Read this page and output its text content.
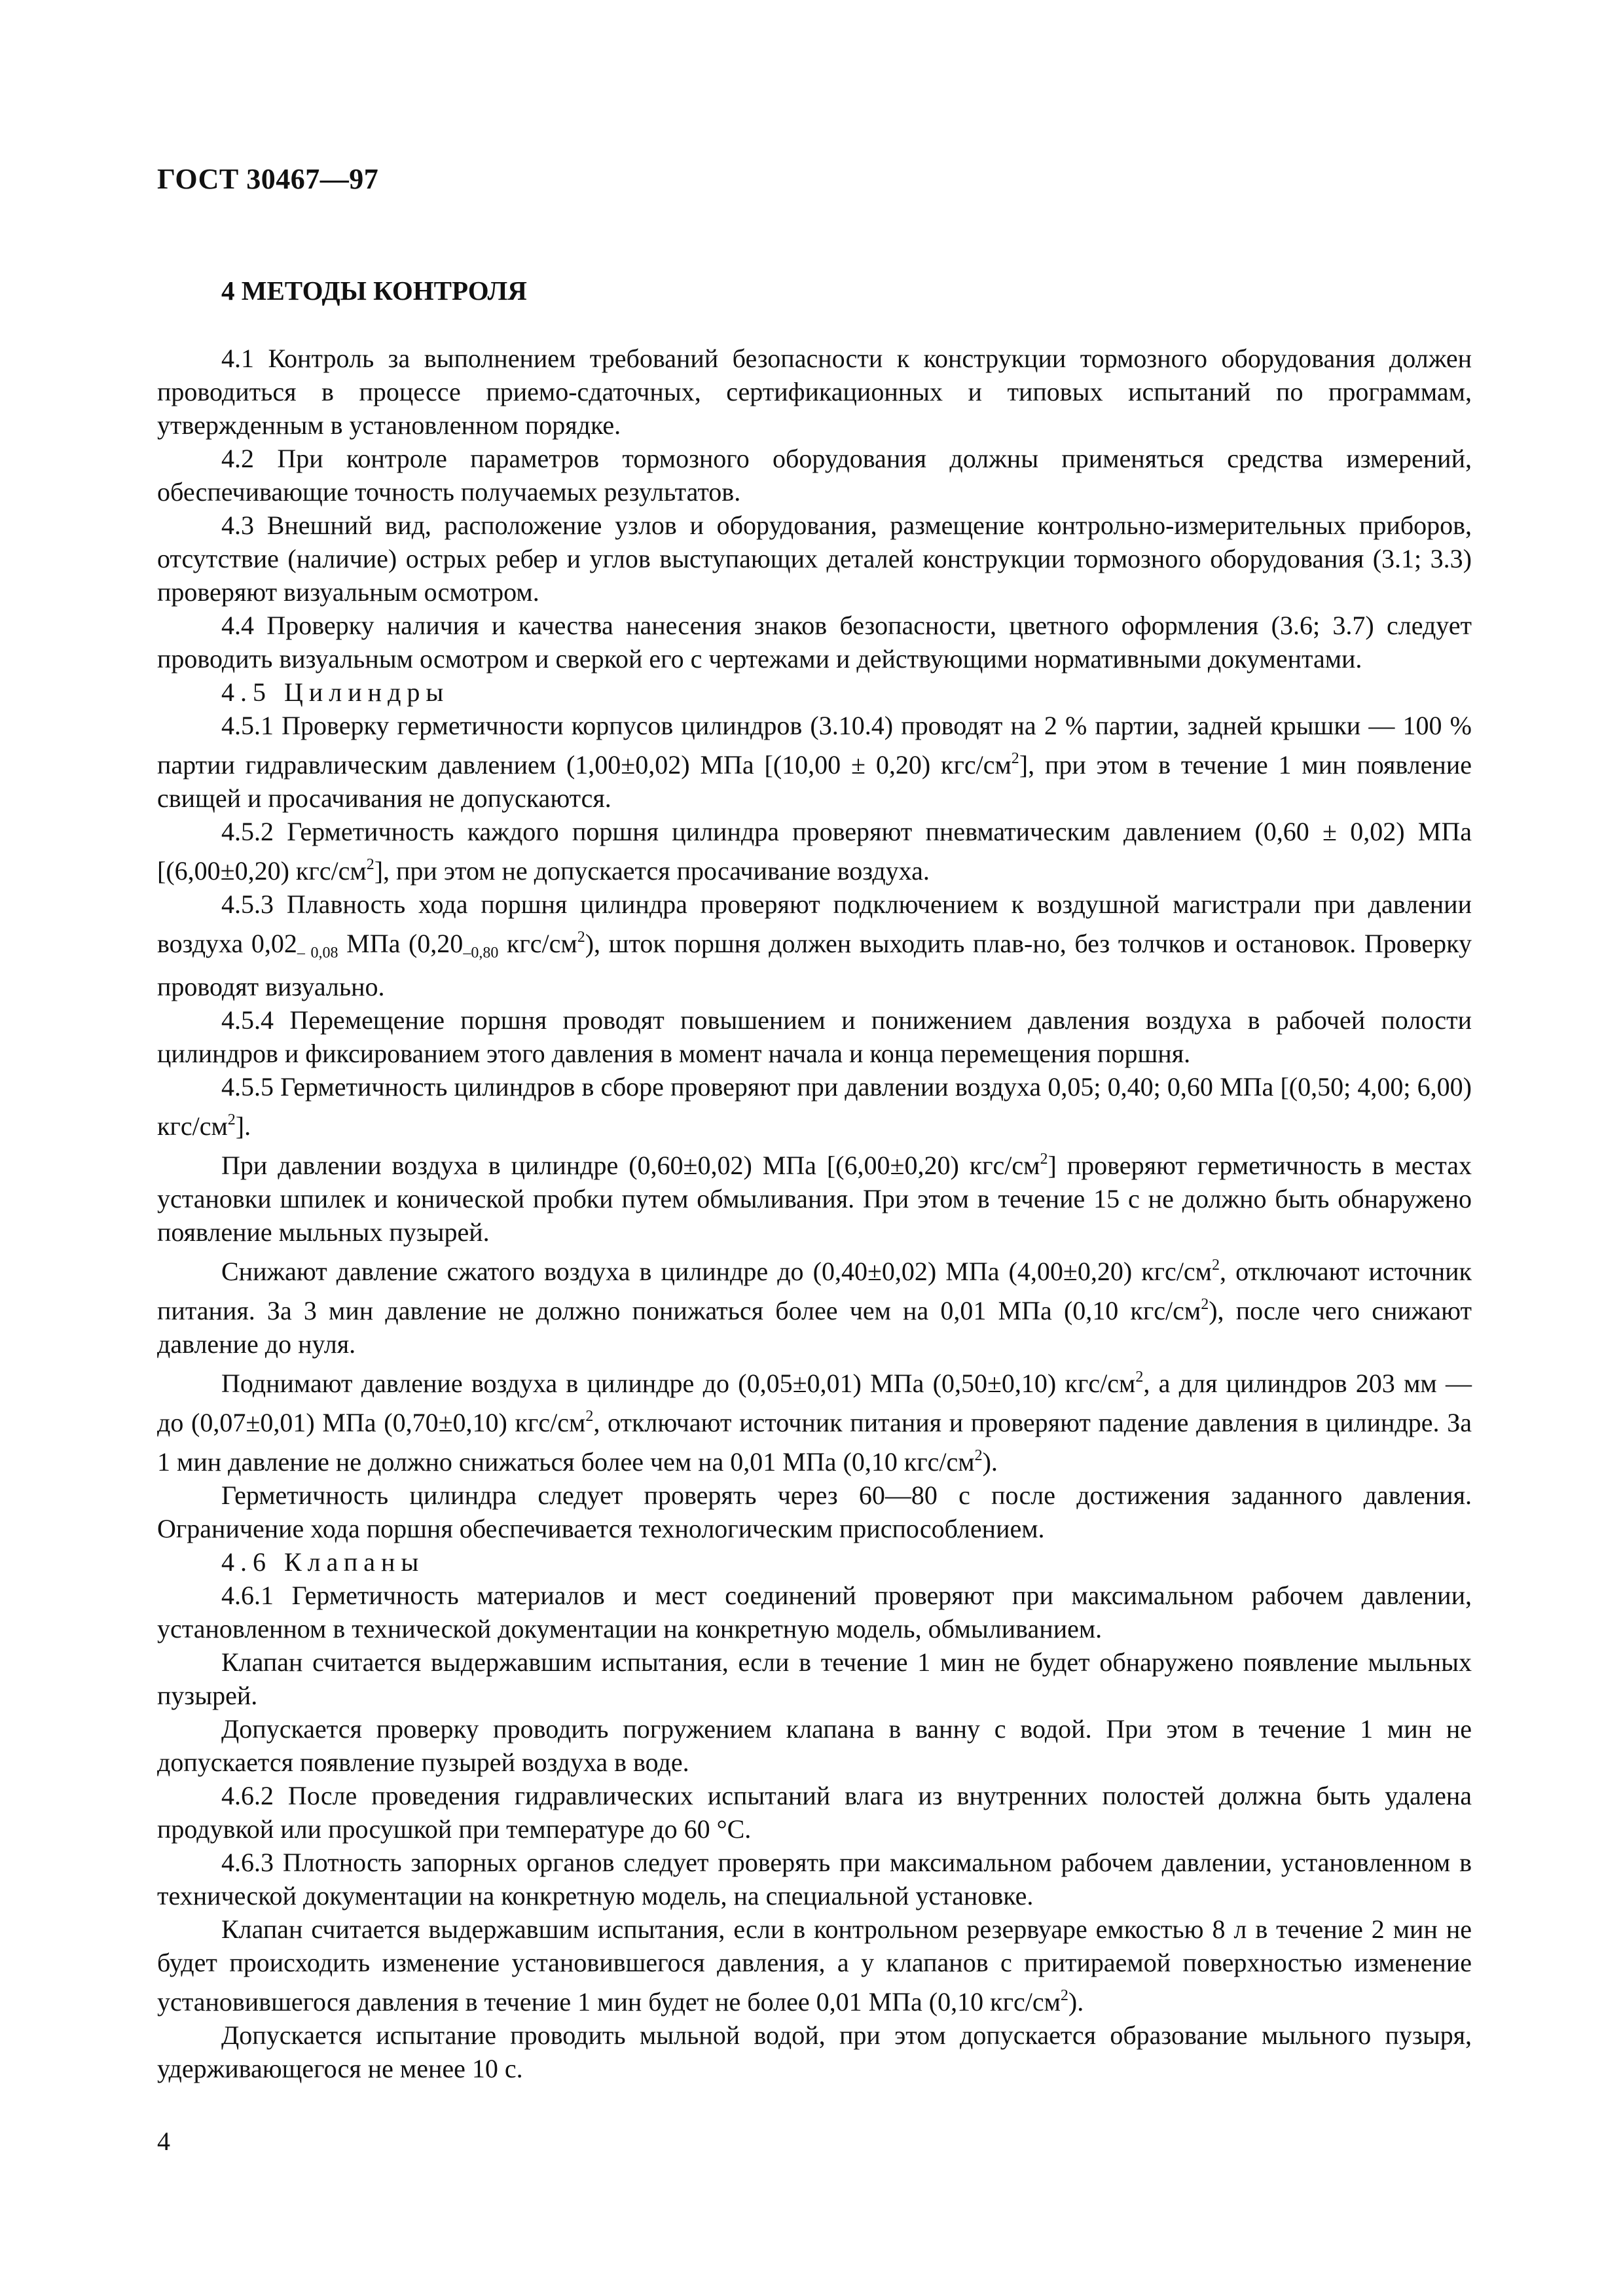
ГОСТ 30467—97
4 МЕТОДЫ КОНТРОЛЯ

4.1 Контроль за выполнением требований безопасности к конструкции тормозного оборудования должен проводиться в процессе приемо-сдаточных, сертификационных и типовых испытаний по программам, утвержденным в установленном порядке.

4.2 При контроле параметров тормозного оборудования должны применяться средства измерений, обеспечивающие точность получаемых результатов.

4.3 Внешний вид, расположение узлов и оборудования, размещение контрольно-измерительных приборов, отсутствие (наличие) острых ребер и углов выступающих деталей конструкции тормозного оборудования (3.1; 3.3) проверяют визуальным осмотром.

4.4 Проверку наличия и качества нанесения знаков безопасности, цветного оформления (3.6; 3.7) следует проводить визуальным осмотром и сверкой его с чертежами и действующими нормативными документами.

4.5 Цилиндры

4.5.1 Проверку герметичности корпусов цилиндров (3.10.4) проводят на 2 % партии, задней крышки — 100 % партии гидравлическим давлением (1,00±0,02) МПа [(10,00 ± 0,20) кгс/$см^2$], при этом в течение 1 мин появление свищей и просачивания не допускаются.

4.5.2 Герметичность каждого поршня цилиндра проверяют пневматическим давлением (0,60 ± 0,02) МПа [(6,00±0,20) кгс/$см^2$], при этом не допускается просачивание воздуха.

4.5.3 Плавность хода поршня цилиндра проверяют подключением к воздушной магистрали при давлении воздуха $0,02_{- 0,08}$ МПа ($0,20_{-0,80}$ кгс/$см^2$), шток поршня должен выходить плав-но, без толчков и остановок. Проверку проводят визуально.

4.5.4 Перемещение поршня проводят повышением и понижением давления воздуха в рабочей полости цилиндров и фиксированием этого давления в момент начала и конца перемещения поршня.

4.5.5 Герметичность цилиндров в сборе проверяют при давлении воздуха 0,05; 0,40; 0,60 МПа [(0,50; 4,00; 6,00) кгс/$см^2$].

При давлении воздуха в цилиндре (0,60±0,02) МПа [(6,00±0,20) кгс/$см^2$] проверяют герметичность в местах установки шпилек и конической пробки путем обмыливания. При этом в течение 15 с не должно быть обнаружено появление мыльных пузырей.

Снижают давление сжатого воздуха в цилиндре до (0,40±0,02) МПа (4,00±0,20) кгс/$см^2$, отключают источник питания. За 3 мин давление не должно понижаться более чем на 0,01 МПа (0,10 кгс/$см^2$), после чего снижают давление до нуля.

Поднимают давление воздуха в цилиндре до (0,05±0,01) МПа (0,50±0,10) кгс/$см^2$, а для цилиндров 203 мм — до (0,07±0,01) МПа (0,70±0,10) кгс/$см^2$, отключают источник питания и проверяют падение давления в цилиндре. За 1 мин давление не должно снижаться более чем на 0,01 МПа (0,10 кгс/$см^2$).

Герметичность цилиндра следует проверять через 60—80 с после достижения заданного давления. Ограничение хода поршня обеспечивается технологическим приспособлением.

4.6 Клапаны

4.6.1 Герметичность материалов и мест соединений проверяют при максимальном рабочем давлении, установленном в технической документации на конкретную модель, обмыливанием.

Клапан считается выдержавшим испытания, если в течение 1 мин не будет обнаружено появление мыльных пузырей.

Допускается проверку проводить погружением клапана в ванну с водой. При этом в течение 1 мин не допускается появление пузырей воздуха в воде.

4.6.2 После проведения гидравлических испытаний влага из внутренних полостей должна быть удалена продувкой или просушкой при температуре до 60 °С.

4.6.3 Плотность запорных органов следует проверять при максимальном рабочем давлении, установленном в технической документации на конкретную модель, на специальной установке.

Клапан считается выдержавшим испытания, если в контрольном резервуаре емкостью 8 л в течение 2 мин не будет происходить изменение установившегося давления, а у клапанов с притираемой поверхностью изменение установившегося давления в течение 1 мин будет не более 0,01 МПа (0,10 кгс/$см^2$).

Допускается испытание проводить мыльной водой, при этом допускается образование мыльного пузыря, удерживающегося не менее 10 с.

4
